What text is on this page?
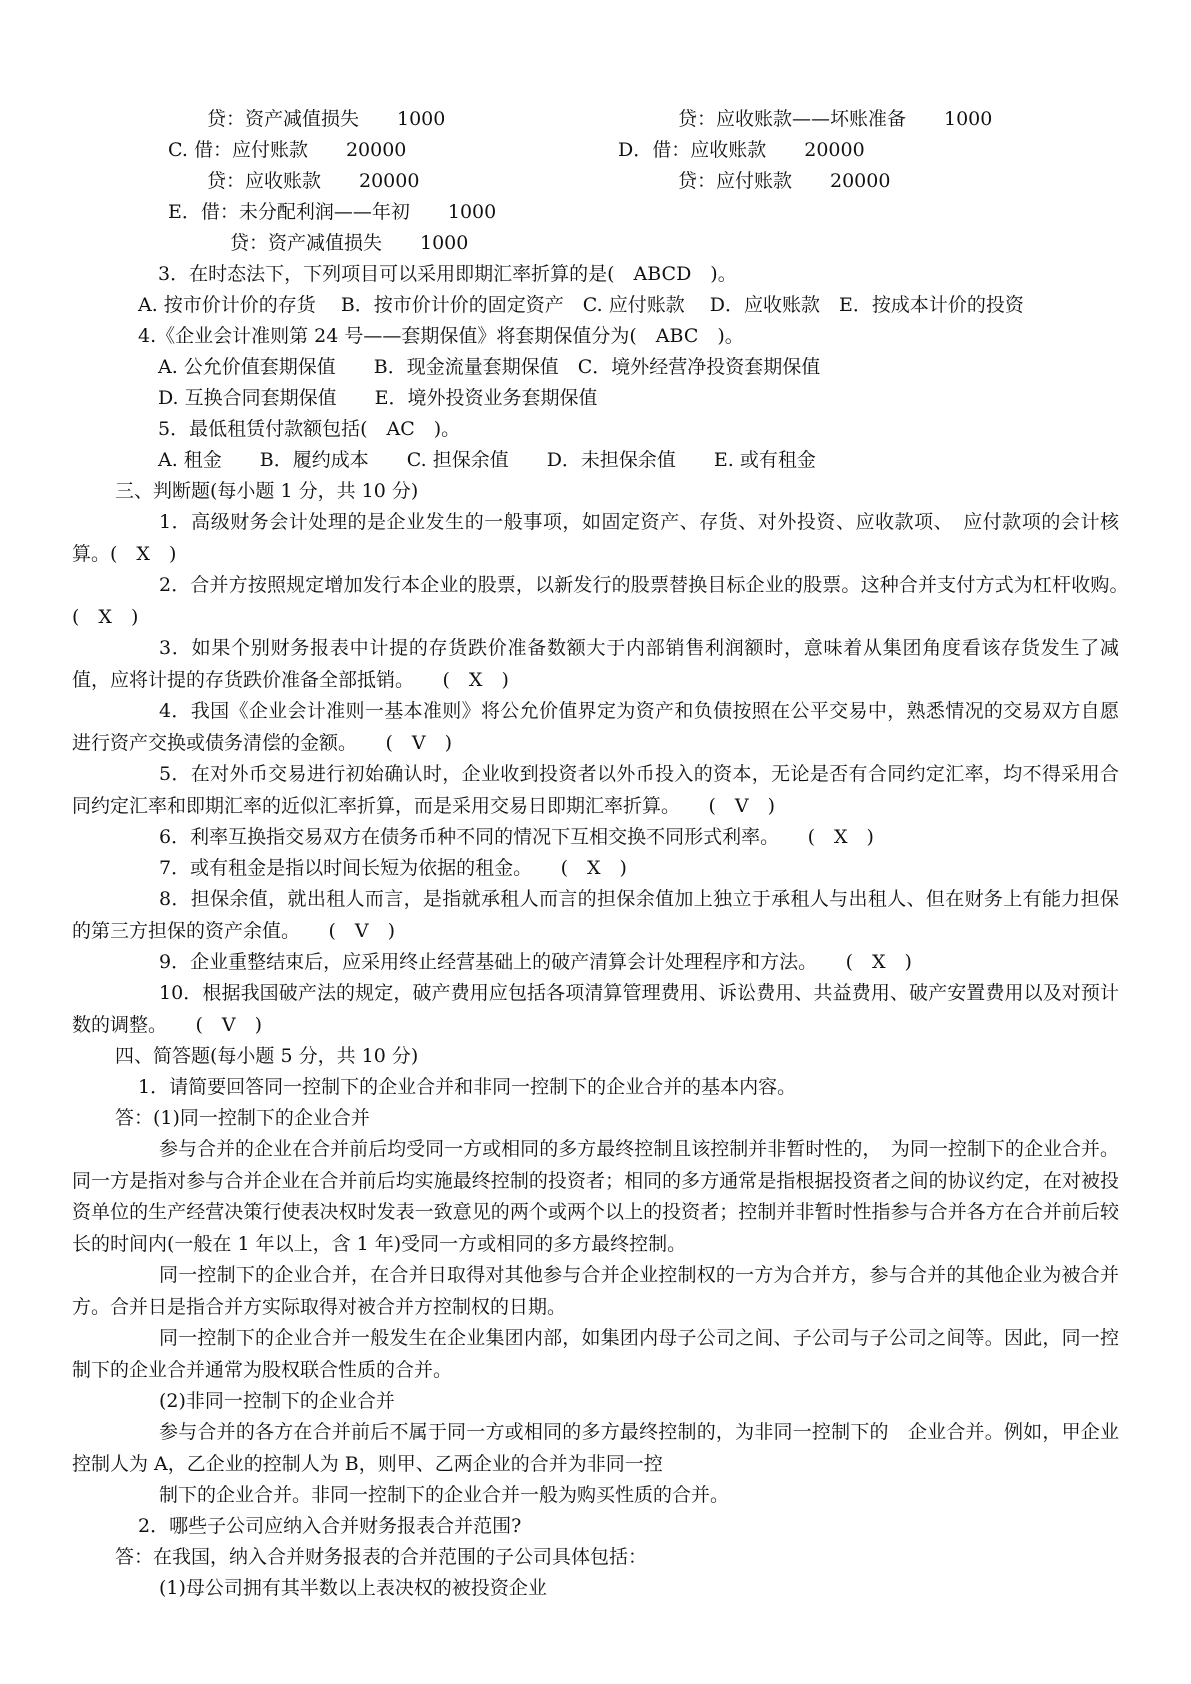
贷：资产减值损失　　1000	贷：应收账款——坏账准备　　1000
C. 借：应付账款　　20000	D．借：应收账款　　20000
贷：应收账款　　20000	贷：应付账款　　20000
E．借：未分配利润——年初　　1000
贷：资产减值损失　　1000
3．在时态法下，下列项目可以采用即期汇率折算的是(　ABCD　)。
A. 按市价计价的存货　 B．按市价计价的固定资产　C. 应付账款　 D．应收账款　E．按成本计价的投资
4.《企业会计准则第 24 号——套期保值》将套期保值分为(　ABC　)。
A. 公允价值套期保值　　B．现金流量套期保值　C．境外经营净投资套期保值
D. 互换合同套期保值　　E．境外投资业务套期保值
5．最低租赁付款额包括(　AC　)。
A. 租金　　B．履约成本　　C. 担保余值　　D．未担保余值　　E. 或有租金
三、判断题(每小题 1 分，共 10 分)
1．高级财务会计处理的是企业发生的一般事项，如固定资产、存货、对外投资、应收款项、　应付款项的会计核算。(　X　)
2．合并方按照规定增加发行本企业的股票，以新发行的股票替换目标企业的股票。这种合并支付方式为杠杆收购。　　(　X　)
3．如果个别财务报表中计提的存货跌价准备数额大于内部销售利润额时，意味着从集团角度看该存货发生了减值，应将计提的存货跌价准备全部抵销。　　(　X　)
4．我国《企业会计准则一基本准则》将公允价值界定为资产和负债按照在公平交易中，熟悉情况的交易双方自愿进行资产交换或债务清偿的金额。　　(　V　)
5．在对外币交易进行初始确认时，企业收到投资者以外币投入的资本，无论是否有合同约定汇率，均不得采用合同约定汇率和即期汇率的近似汇率折算，而是采用交易日即期汇率折算。　　(　V　)
6．利率互换指交易双方在债务币种不同的情况下互相交换不同形式利率。　　(　X　)
7．或有租金是指以时间长短为依据的租金。　　(　X　)
8．担保余值，就出租人而言，是指就承租人而言的担保余值加上独立于承租人与出租人、但在财务上有能力担保的第三方担保的资产余值。　　(　V　)
9．企业重整结束后，应采用终止经营基础上的破产清算会计处理程序和方法。　　(　X　)
10．根据我国破产法的规定，破产费用应包括各项清算管理费用、诉讼费用、共益费用、破产安置费用以及对预计数的调整。　　(　V　)
四、简答题(每小题 5 分，共 10 分)
1．请简要回答同一控制下的企业合并和非同一控制下的企业合并的基本内容。
答：(1)同一控制下的企业合并
参与合并的企业在合并前后均受同一方或相同的多方最终控制且该控制并非暂时性的，　为同一控制下的企业合并。同一方是指对参与合并企业在合并前后均实施最终控制的投资者；相同的多方通常是指根据投资者之间的协议约定，在对被投资单位的生产经营决策行使表决权时发表一致意见的两个或两个以上的投资者；控制并非暂时性指参与合并各方在合并前后较长的时间内(一般在 1 年以上，含 1 年)受同一方或相同的多方最终控制。
同一控制下的企业合并，在合并日取得对其他参与合并企业控制权的一方为合并方，参与合并的其他企业为被合并方。合并日是指合并方实际取得对被合并方控制权的日期。
同一控制下的企业合并一般发生在企业集团内部，如集团内母子公司之间、子公司与子公司之间等。因此，同一控制下的企业合并通常为股权联合性质的合并。
(2)非同一控制下的企业合并
参与合并的各方在合并前后不属于同一方或相同的多方最终控制的，为非同一控制下的　企业合并。例如，甲企业控制人为 A，乙企业的控制人为 B，则甲、乙两企业的合并为非同一控
制下的企业合并。非同一控制下的企业合并一般为购买性质的合并。
2．哪些子公司应纳入合并财务报表合并范围?
答：在我国，纳入合并财务报表的合并范围的子公司具体包括：
(1)母公司拥有其半数以上表决权的被投资企业
